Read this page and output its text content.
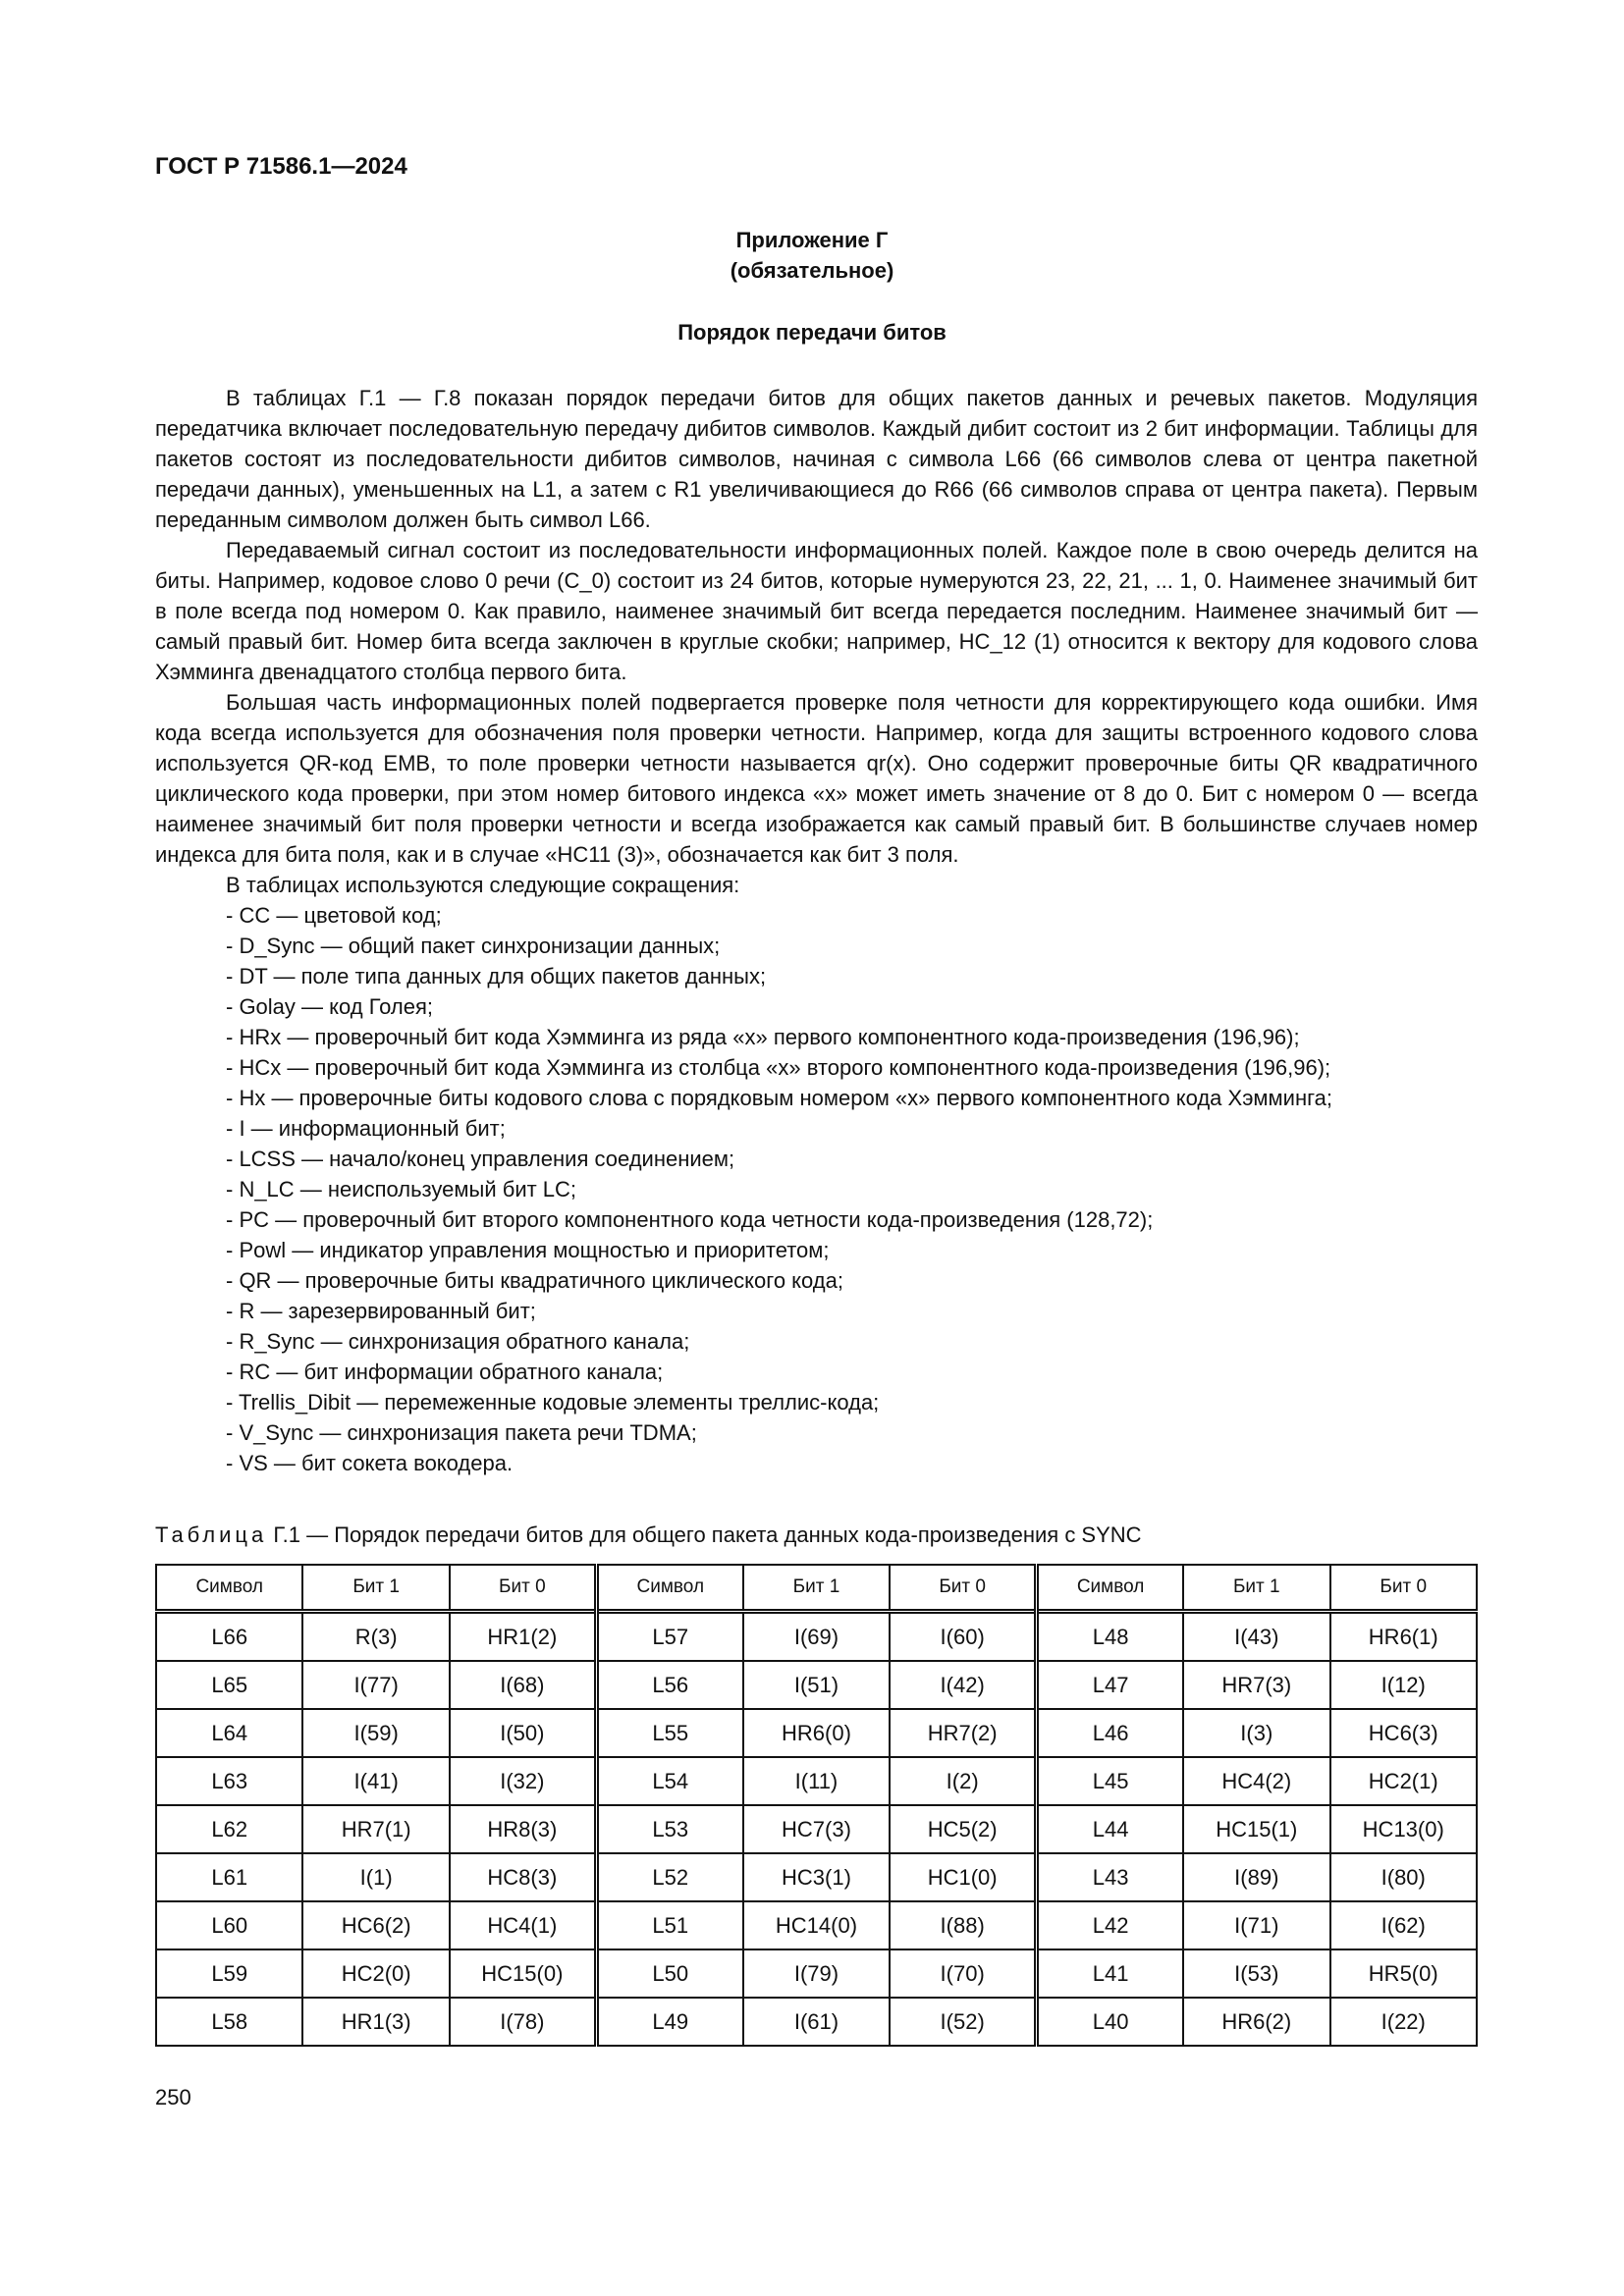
ГОСТ Р 71586.1—2024
Приложение Г
(обязательное)
Порядок передачи битов

В таблицах Г.1 — Г.8 показан порядок передачи битов для общих пакетов данных и речевых пакетов. Модуляция передатчика включает последовательную передачу дибитов символов. Каждый дибит состоит из 2 бит информации. Таблицы для пакетов состоят из последовательности дибитов символов, начиная с символа L66 (66 символов слева от центра пакетной передачи данных), уменьшенных на L1, а затем с R1 увеличивающиеся до R66 (66 символов справа от центра пакета). Первым переданным символом должен быть символ L66.

Передаваемый сигнал состоит из последовательности информационных полей. Каждое поле в свою очередь делится на биты. Например, кодовое слово 0 речи (C_0) состоит из 24 битов, которые нумеруются 23, 22, 21, ... 1, 0. Наименее значимый бит в поле всегда под номером 0. Как правило, наименее значимый бит всегда передается последним. Наименее значимый бит — самый правый бит. Номер бита всегда заключен в круглые скобки; например, HC_12 (1) относится к вектору для кодового слова Хэмминга двенадцатого столбца первого бита.

Большая часть информационных полей подвергается проверке поля четности для корректирующего кода ошибки. Имя кода всегда используется для обозначения поля проверки четности. Например, когда для защиты встроенного кодового слова используется QR-код EMB, то поле проверки четности называется qr(x). Оно содержит проверочные биты QR квадратичного циклического кода проверки, при этом номер битового индекса «x» может иметь значение от 8 до 0. Бит с номером 0 — всегда наименее значимый бит поля проверки четности и всегда изображается как самый правый бит. В большинстве случаев номер индекса для бита поля, как и в случае «HC11 (3)», обозначается как бит 3 поля.

В таблицах используются следующие сокращения:

- CC — цветовой код;
- D_Sync — общий пакет синхронизации данных;
- DT — поле типа данных для общих пакетов данных;
- Golay — код Голея;
- HRx — проверочный бит кода Хэмминга из ряда «x» первого компонентного кода-произведения (196,96);
- HCx — проверочный бит кода Хэмминга из столбца «x» второго компонентного кода-произведения (196,96);
- Hx — проверочные биты кодового слова с порядковым номером «x» первого компонентного кода Хэмминга;
- I — информационный бит;
- LCSS — начало/конец управления соединением;
- N_LC — неиспользуемый бит LC;
- PC — проверочный бит второго компонентного кода четности кода-произведения (128,72);
- Powl — индикатор управления мощностью и приоритетом;
- QR — проверочные биты квадратичного циклического кода;
- R — зарезервированный бит;
- R_Sync — синхронизация обратного канала;
- RC — бит информации обратного канала;
- Trellis_Dibit — перемеженные кодовые элементы треллис-кода;
- V_Sync — синхронизация пакета речи TDMA;
- VS — бит сокета вокодера.
Таблица Г.1 — Порядок передачи битов для общего пакета данных кода-произведения с SYNC
Символ	Бит 1	Бит 0	Символ	Бит 1	Бит 0	Символ	Бит 1	Бит 0
L66	R(3)	HR1(2)	L57	I(69)	I(60)	L48	I(43)	HR6(1)
L65	I(77)	I(68)	L56	I(51)	I(42)	L47	HR7(3)	I(12)
L64	I(59)	I(50)	L55	HR6(0)	HR7(2)	L46	I(3)	HC6(3)
L63	I(41)	I(32)	L54	I(11)	I(2)	L45	HC4(2)	HC2(1)
L62	HR7(1)	HR8(3)	L53	HC7(3)	HC5(2)	L44	HC15(1)	HC13(0)
L61	I(1)	HC8(3)	L52	HC3(1)	HC1(0)	L43	I(89)	I(80)
L60	HC6(2)	HC4(1)	L51	HC14(0)	I(88)	L42	I(71)	I(62)
L59	HC2(0)	HC15(0)	L50	I(79)	I(70)	L41	I(53)	HR5(0)
L58	HR1(3)	I(78)	L49	I(61)	I(52)	L40	HR6(2)	I(22)
250
